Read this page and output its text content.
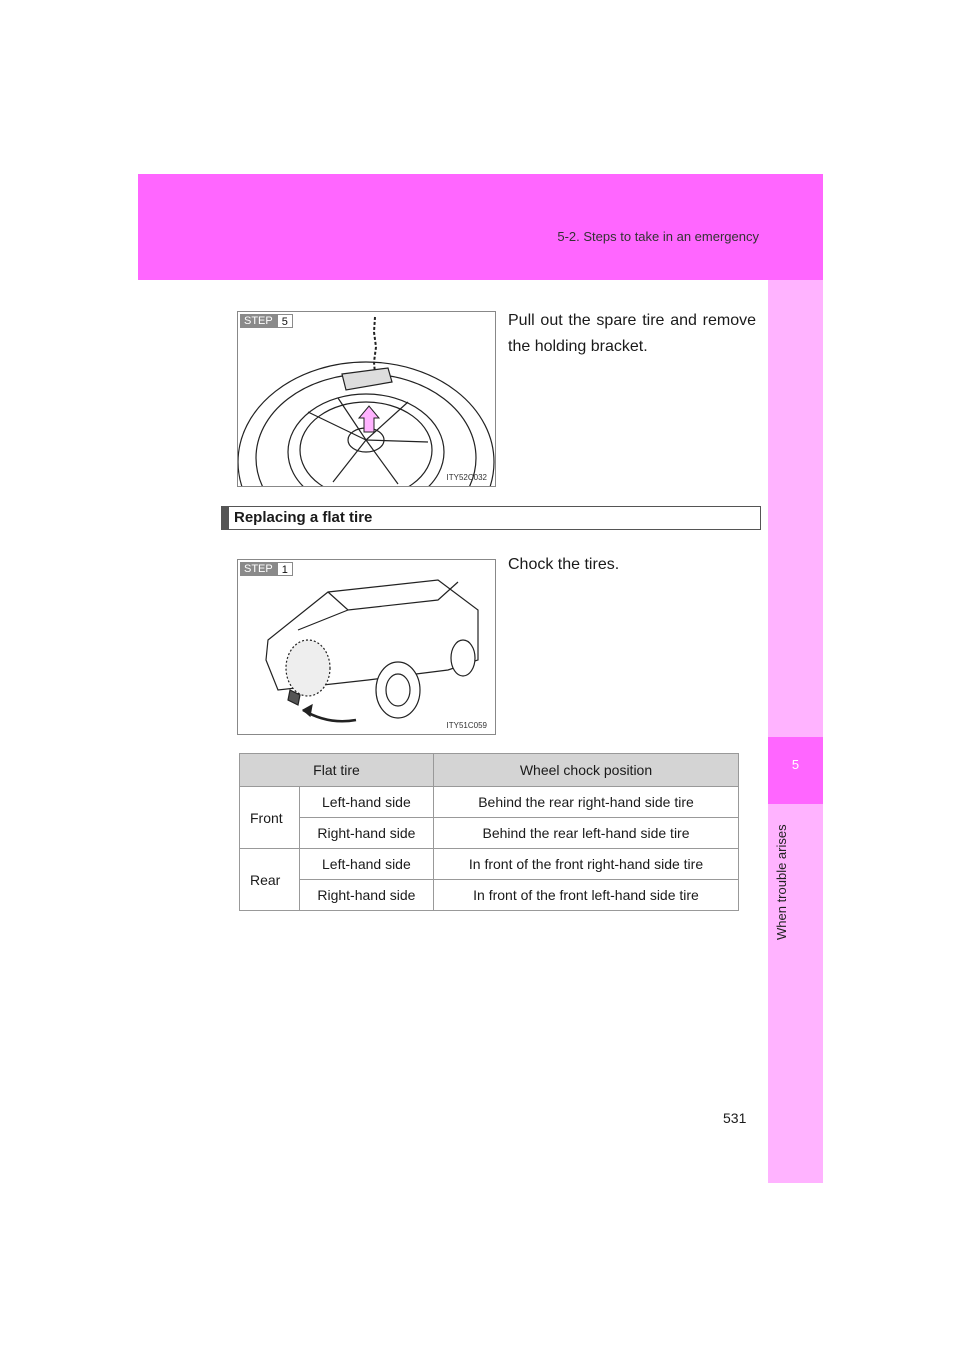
5-2. Steps to take in an emergency
5
When trouble arises
STEP 5
ITY52C032
Pull out the spare tire and remove the holding bracket.
Replacing a flat tire
STEP 1
ITY51C059
Chock the tires.
Flat tire		Wheel chock position
Front	Left-hand side	Behind the rear right-hand side tire
	Right-hand side	Behind the rear left-hand side tire
Rear	Left-hand side	In front of the front right-hand side tire
	Right-hand side	In front of the front left-hand side tire
531
